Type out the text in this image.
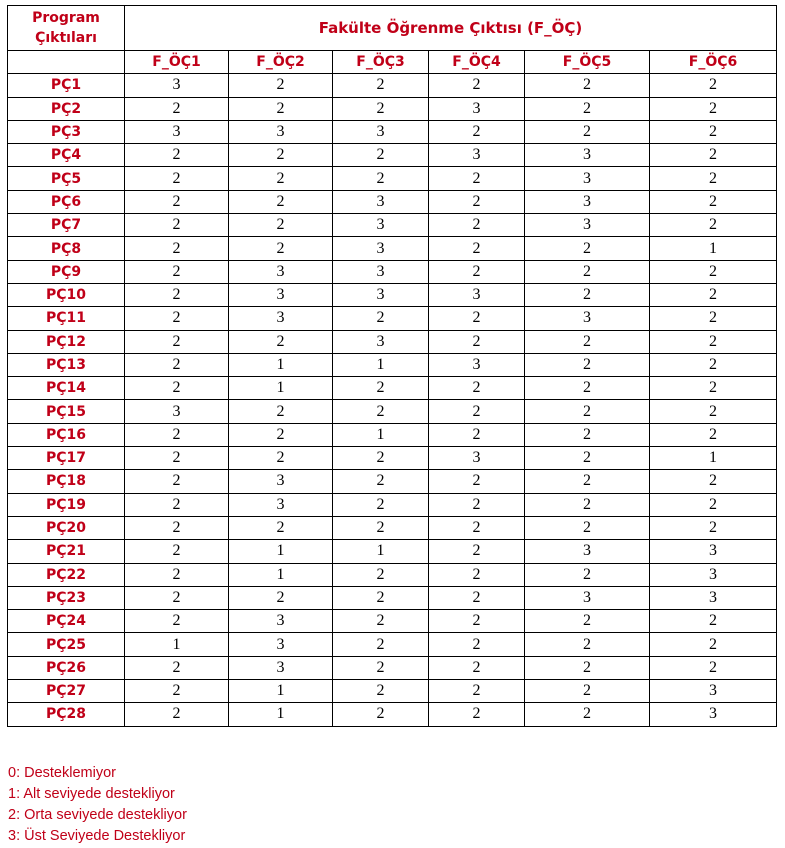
Program
Çıktıları	Fakülte Öğrenme Çıktısı (F_ÖÇ)					
	F_ÖÇ1	F_ÖÇ2	F_ÖÇ3	F_ÖÇ4	F_ÖÇ5	F_ÖÇ6
PÇ1	3	2	2	2	2	2
PÇ2	2	2	2	3	2	2
PÇ3	3	3	3	2	2	2
PÇ4	2	2	2	3	3	2
PÇ5	2	2	2	2	3	2
PÇ6	2	2	3	2	3	2
PÇ7	2	2	3	2	3	2
PÇ8	2	2	3	2	2	1
PÇ9	2	3	3	2	2	2
PÇ10	2	3	3	3	2	2
PÇ11	2	3	2	2	3	2
PÇ12	2	2	3	2	2	2
PÇ13	2	1	1	3	2	2
PÇ14	2	1	2	2	2	2
PÇ15	3	2	2	2	2	2
PÇ16	2	2	1	2	2	2
PÇ17	2	2	2	3	2	1
PÇ18	2	3	2	2	2	2
PÇ19	2	3	2	2	2	2
PÇ20	2	2	2	2	2	2
PÇ21	2	1	1	2	3	3
PÇ22	2	1	2	2	2	3
PÇ23	2	2	2	2	3	3
PÇ24	2	3	2	2	2	2
PÇ25	1	3	2	2	2	2
PÇ26	2	3	2	2	2	2
PÇ27	2	1	2	2	2	3
PÇ28	2	1	2	2	2	3
0: Desteklemiyor
1: Alt seviyede destekliyor
2: Orta seviyede destekliyor
3: Üst Seviyede Destekliyor
